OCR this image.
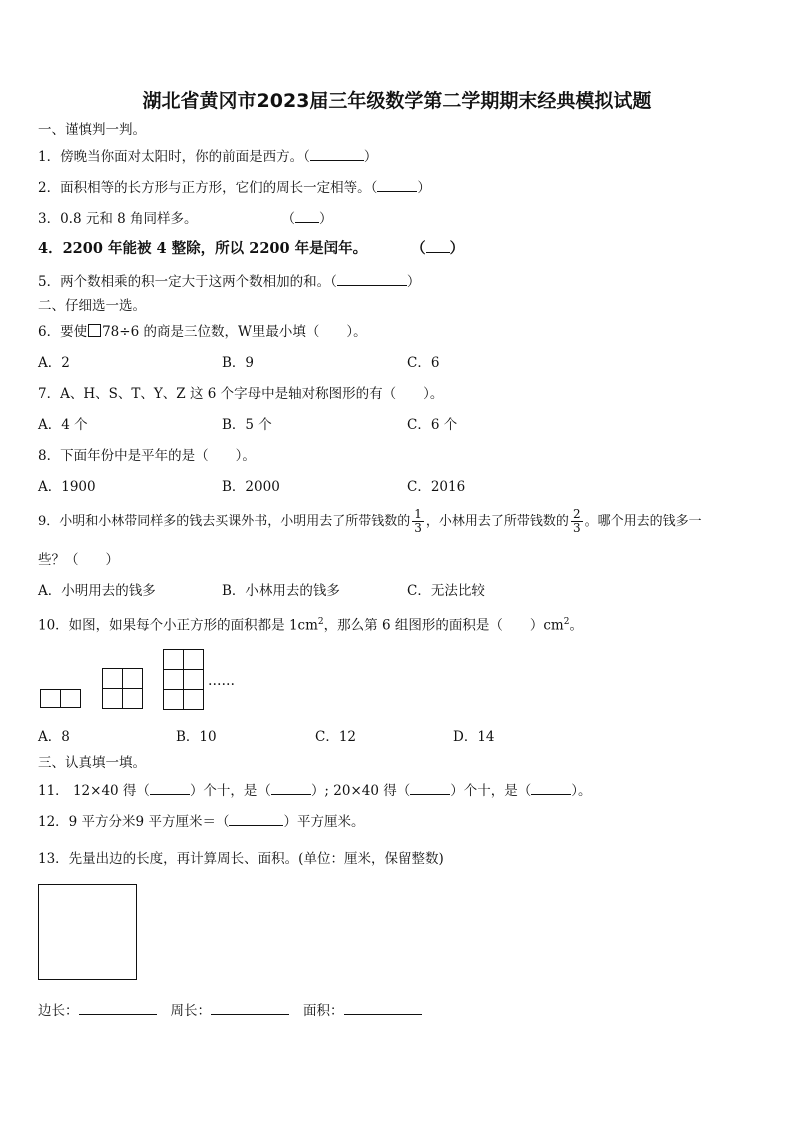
湖北省黄冈市2023届三年级数学第二学期期末经典模拟试题
一、谨慎判一判。
1．傍晚当你面对太阳时，你的前面是西方。（	）
2．面积相等的长方形与正方形，它们的周长一定相等。（	）
3．0.8 元和 8 角同样多。	（ ）
4．2200 年能被 4 整除，所以 2200 年是闰年。	（ ）
5．两个数相乘的积一定大于这两个数相加的和。（	）
二、仔细选一选。
6．要使 78÷6 的商是三位数，W里最小填（　　）。
A．2	B．9	C．6
7．A、H、S、T、Y、Z 这 6 个字母中是轴对称图形的有（　　）。
A．4 个	B．5 个	C．6 个
8．下面年份中是平年的是（　　）。
A．1900	B．2000	C．2016
9．小明和小林带同样多的钱去买课外书，小明用去了所带钱数的 $\frac{1}{3}$ ，小林用去了所带钱数的 $\frac{2}{3}$ 。哪个用去的钱多一
些？（　　）
A．小明用去的钱多	B．小林用去的钱多	C．无法比较
10．如图，如果每个小正方形的面积都是 $1cm^2$，那么第 6 组图形的面积是（　　）$cm^2$。
……
A．8	B．10	C．12	D．14
三、认真填一填。
11． 12×40 得（	）个十，是（	）; 20×40 得（	）个十，是（	）。
12．9 平方分米9 平方厘米＝（	）平方厘米。
13．先量出边的长度，再计算周长、面积。(单位：厘米，保留整数)
边长：	周长：	面积：
